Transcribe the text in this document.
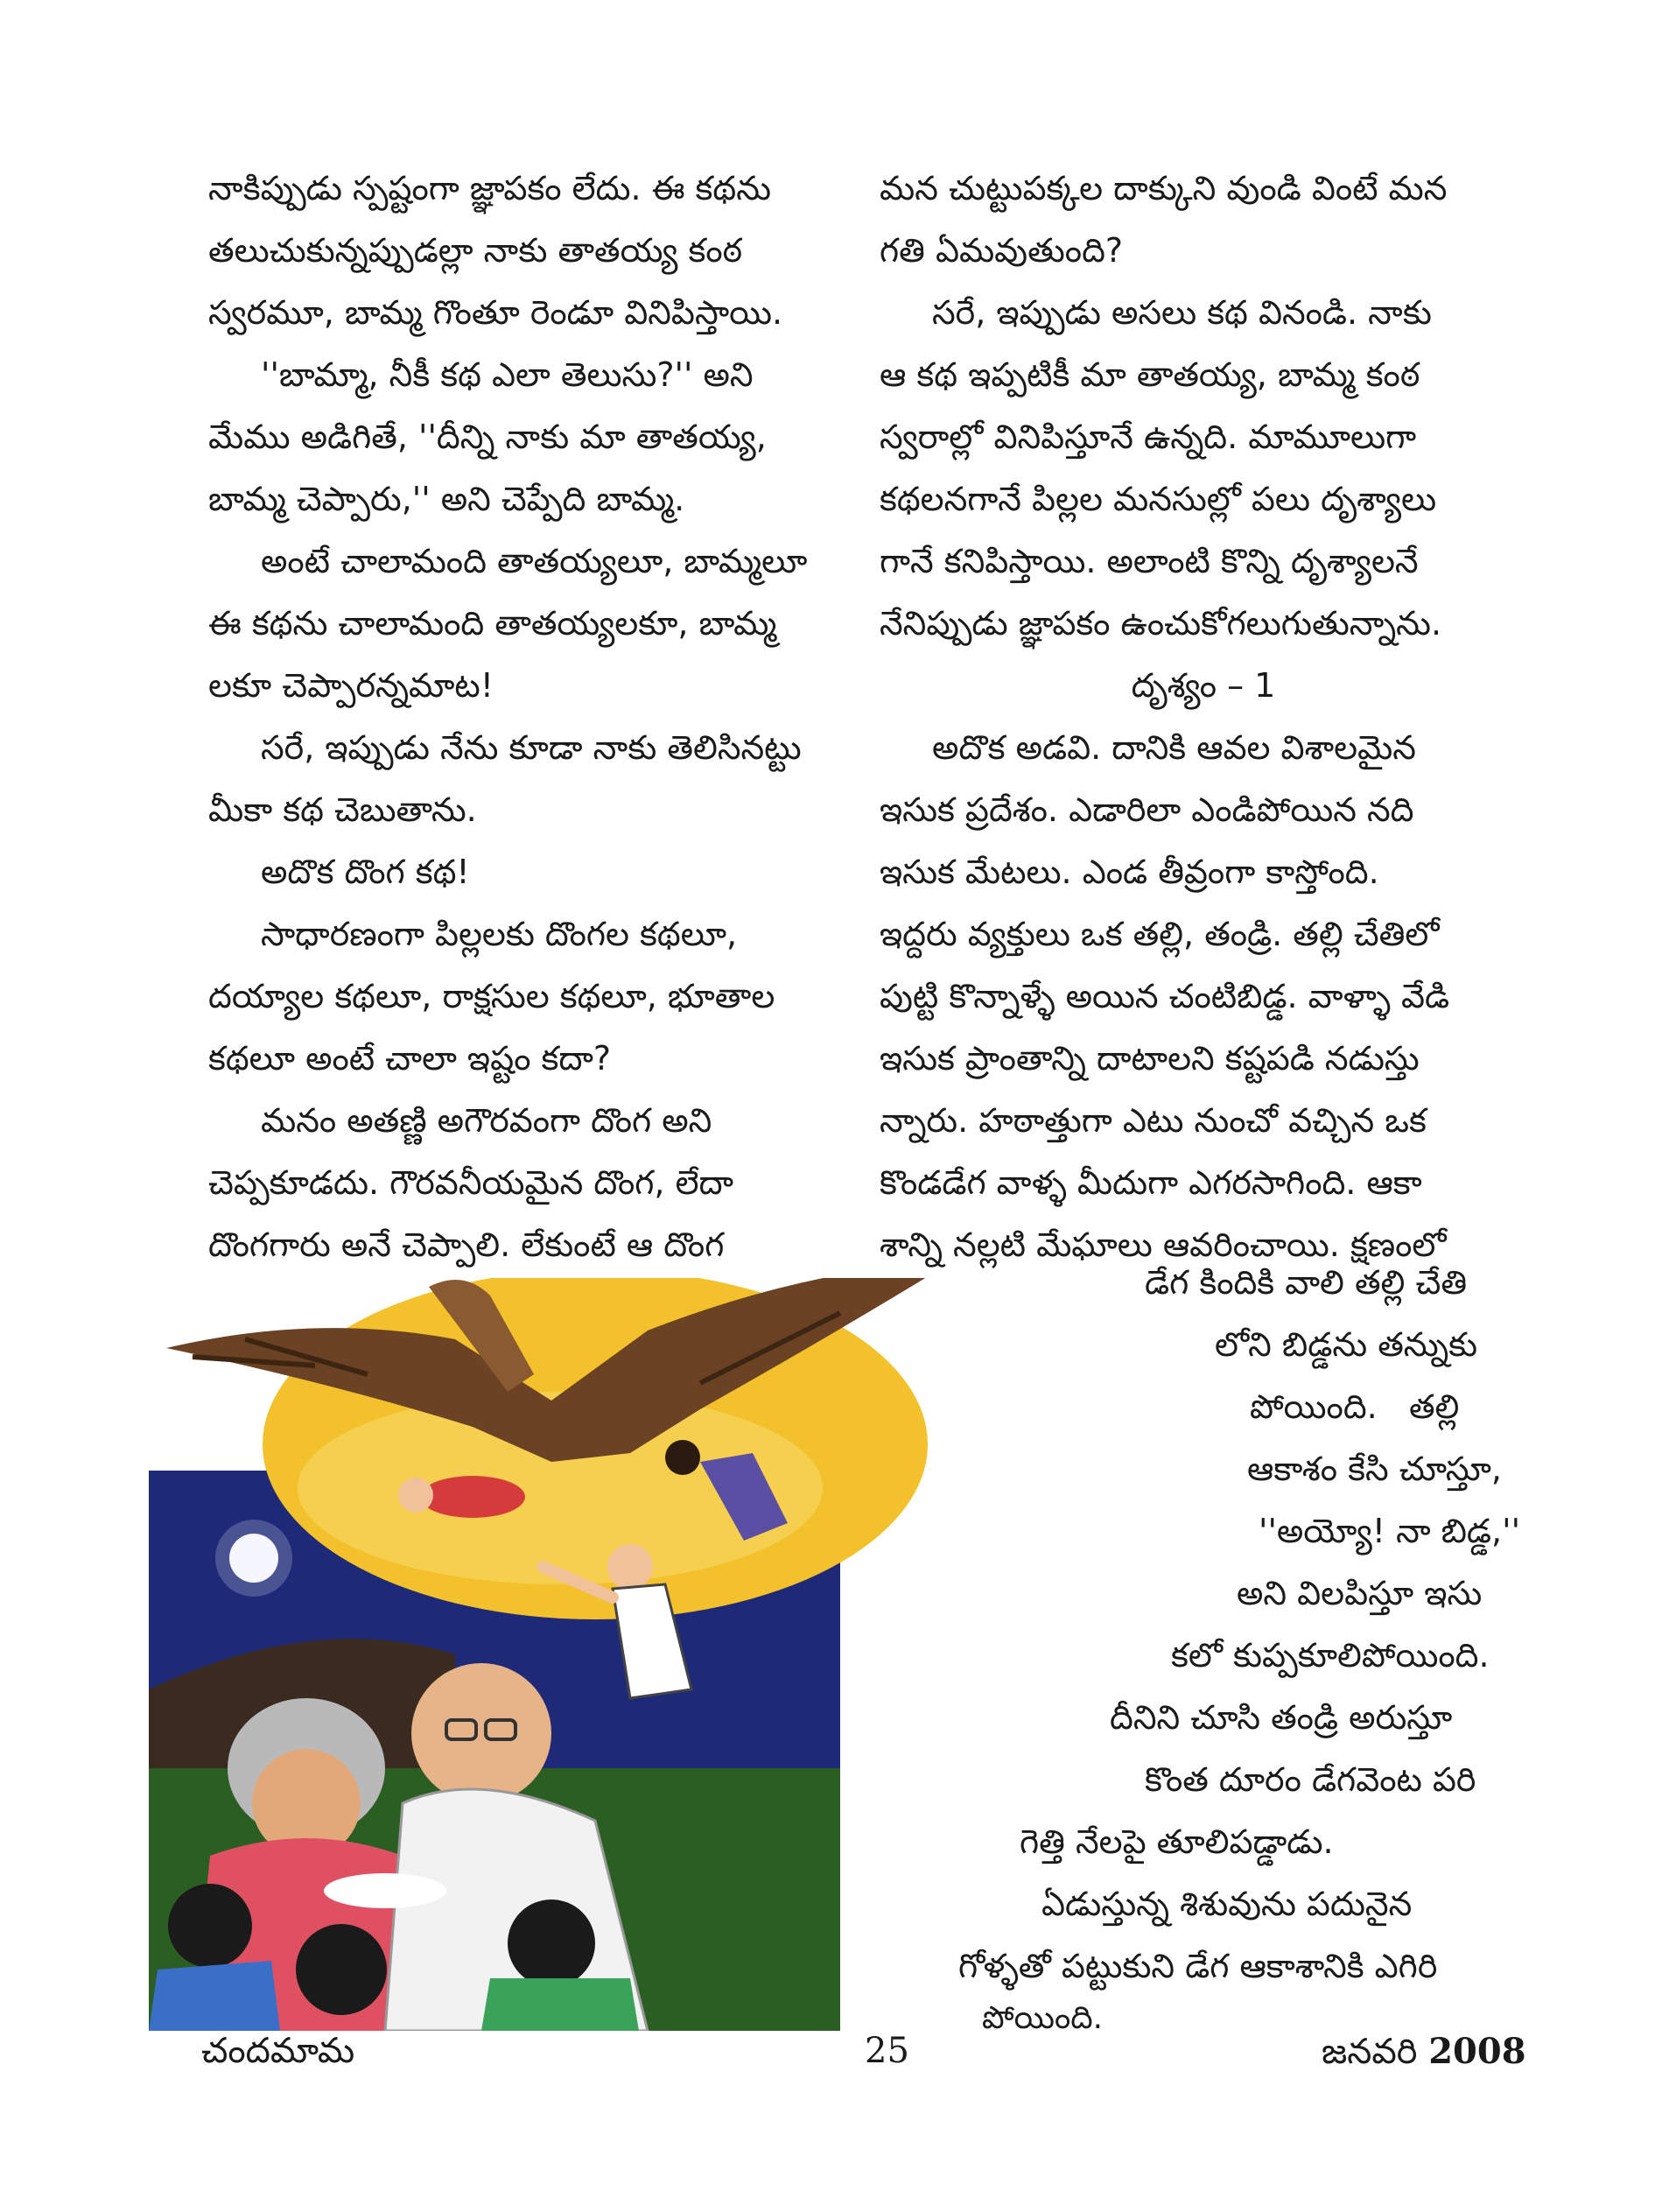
నాకిప్పుడు స్పష్టంగా జ్ఞాపకం లేదు. ఈ కథను

తలుచుకున్నప్పుడల్లా నాకు తాతయ్య కంఠ

స్వరమూ, బామ్మ గొంతూ రెండూ వినిపిస్తాయి.

''బామ్మా, నీకీ కథ ఎలా తెలుసు?'' అని

మేము అడిగితే, ''దీన్ని నాకు మా తాతయ్య,

బామ్మ చెప్పారు,'' అని చెప్పేది బామ్మ.

అంటే చాలామంది తాతయ్యలూ, బామ్మలూ

ఈ కథను చాలామంది తాతయ్యలకూ, బామ్మ

లకూ చెప్పారన్నమాట!

సరే, ఇప్పుడు నేను కూడా నాకు తెలిసినట్టు

మీకా కథ చెబుతాను.

అదొక దొంగ కథ!

సాధారణంగా పిల్లలకు దొంగల కథలూ,

దయ్యాల కథలూ, రాక్షసుల కథలూ, భూతాల

కథలూ అంటే చాలా ఇష్టం కదా?

మనం అతణ్ణి అగౌరవంగా దొంగ అని

చెప్పకూడదు. గౌరవనీయమైన దొంగ, లేదా

దొంగగారు అనే చెప్పాలి. లేకుంటే ఆ దొంగ

మన చుట్టుపక్కల దాక్కుని వుండి వింటే మన

గతి ఏమవుతుంది?

సరే, ఇప్పుడు అసలు కథ వినండి. నాకు

ఆ కథ ఇప్పటికీ మా తాతయ్య, బామ్మ కంఠ

స్వరాల్లో వినిపిస్తూనే ఉన్నది. మామూలుగా

కథలనగానే పిల్లల మనసుల్లో పలు దృశ్యాలు

గానే కనిపిస్తాయి. అలాంటి కొన్ని దృశ్యాలనే

నేనిప్పుడు జ్ఞాపకం ఉంచుకోగలుగుతున్నాను.

దృశ్యం – 1

అదొక అడవి. దానికి ఆవల విశాలమైన

ఇసుక ప్రదేశం. ఎడారిలా ఎండిపోయిన నది

ఇసుక మేటలు. ఎండ తీవ్రంగా కాస్తోంది.

ఇద్దరు వ్యక్తులు ఒక తల్లి, తండ్రి. తల్లి చేతిలో

పుట్టి కొన్నాళ్ళే అయిన చంటిబిడ్డ. వాళ్ళా వేడి

ఇసుక ప్రాంతాన్ని దాటాలని కష్టపడి నడుస్తు

న్నారు. హఠాత్తుగా ఎటు నుంచో వచ్చిన ఒక

కొండడేగ వాళ్ళ మీదుగా ఎగరసాగింది. ఆకా

శాన్ని నల్లటి మేఘాలు ఆవరించాయి. క్షణంలో

డేగ కిందికి వాలి తల్లి చేతి
లోని బిడ్డను తన్నుకు
పోయింది.   తల్లి
ఆకాశం కేసి చూస్తూ,
''అయ్యో! నా బిడ్డ,''
అని విలపిస్తూ ఇసు
కలో కుప్పకూలిపోయింది.
దీనిని చూసి తండ్రి అరుస్తూ
కొంత దూరం డేగవెంట పరి
గెత్తి నేలపై తూలిపడ్డాడు.
ఏడుస్తున్న శిశువును పదునైన
గోళ్ళతో పట్టుకుని డేగ ఆకాశానికి ఎగిరి
పోయింది.
చందమామ	25	జనవరి 2008
